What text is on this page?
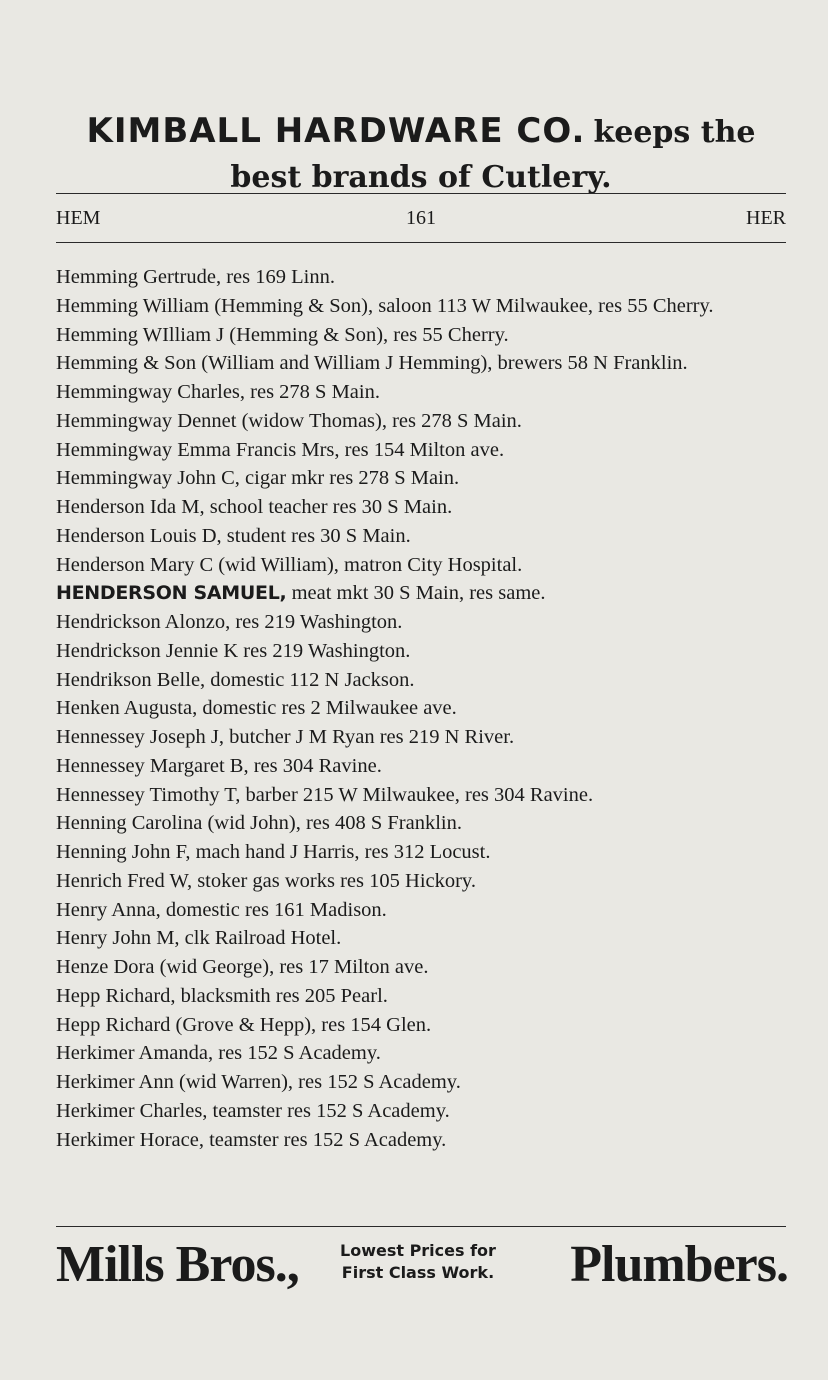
KIMBALL HARDWARE CO. keeps the
best brands of Cutlery.
161
HEM	HER
Hemming Gertrude, res 169 Linn.
Hemming William (Hemming & Son), saloon 113 W Milwaukee, res 55 Cherry.
Hemming WIlliam J (Hemming & Son), res 55 Cherry.
Hemming & Son (William and William J Hemming), brewers 58 N Franklin.
Hemmingway Charles, res 278 S Main.
Hemmingway Dennet (widow Thomas), res 278 S Main.
Hemmingway Emma Francis Mrs, res 154 Milton ave.
Hemmingway John C, cigar mkr res 278 S Main.
Henderson Ida M, school teacher res 30 S Main.
Henderson Louis D, student res 30 S Main.
Henderson Mary C (wid William), matron City Hospital.
HENDERSON SAMUEL, meat mkt 30 S Main, res same.
Hendrickson Alonzo, res 219 Washington.
Hendrickson Jennie K res 219 Washington.
Hendrikson Belle, domestic 112 N Jackson.
Henken Augusta, domestic res 2 Milwaukee ave.
Hennessey Joseph J, butcher J M Ryan res 219 N River.
Hennessey Margaret B, res 304 Ravine.
Hennessey Timothy T, barber 215 W Milwaukee, res 304 Ravine.
Henning Carolina (wid John), res 408 S Franklin.
Henning John F, mach hand J Harris, res 312 Locust.
Henrich Fred W, stoker gas works res 105 Hickory.
Henry Anna, domestic res 161 Madison.
Henry John M, clk Railroad Hotel.
Henze Dora (wid George), res 17 Milton ave.
Hepp Richard, blacksmith res 205 Pearl.
Hepp Richard (Grove & Hepp), res 154 Glen.
Herkimer Amanda, res 152 S Academy.
Herkimer Ann (wid Warren), res 152 S Academy.
Herkimer Charles, teamster res 152 S Academy.
Herkimer Horace, teamster res 152 S Academy.
Mills Bros.,	Lowest Prices for
First Class Work. Plumbers.
